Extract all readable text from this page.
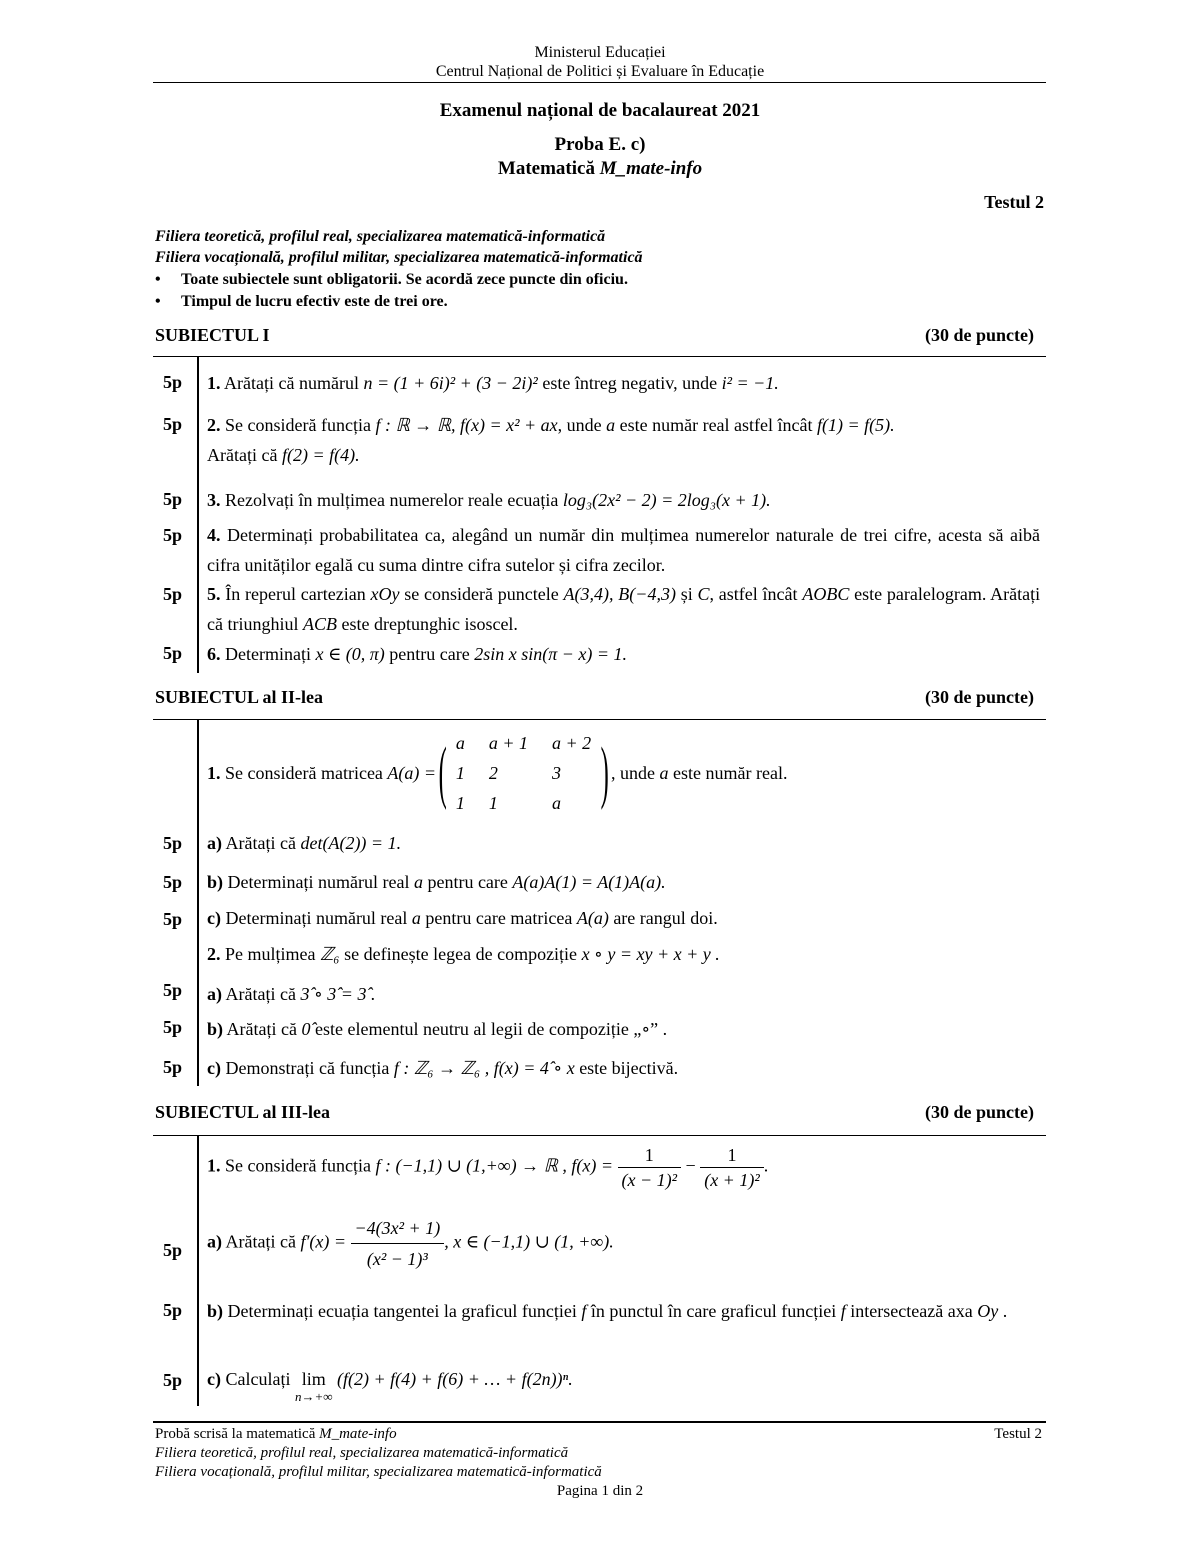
Ministerul Educației
Centrul Național de Politici și Evaluare în Educație
Examenul național de bacalaureat 2021
Proba E. c)
Matematică M_mate-info
Testul 2
Filiera teoretică, profilul real, specializarea matematică-informatică
Filiera vocațională, profilul militar, specializarea matematică-informatică
• Toate subiectele sunt obligatorii. Se acordă zece puncte din oficiu.
• Timpul de lucru efectiv este de trei ore.
SUBIECTUL I	(30 de puncte)
5p 1. Arătați că numărul n = (1 + 6i)² + (3 − 2i)² este întreg negativ, unde i² = −1.
5p 2. Se consideră funcția f : ℝ → ℝ, f(x) = x² + ax, unde a este număr real astfel încât f(1) = f(5).
Arătați că f(2) = f(4).
5p 3. Rezolvați în mulțimea numerelor reale ecuația log₃(2x² − 2) = 2log₃(x + 1).
5p 4. Determinați probabilitatea ca, alegând un număr din mulțimea numerelor naturale de trei cifre, acesta să aibă cifra unităților egală cu suma dintre cifra sutelor și cifra zecilor.
5p 5. În reperul cartezian xOy se consideră punctele A(3,4), B(−4,3) și C, astfel încât AOBC este paralelogram. Arătați că triunghiul ACB este dreptunghic isoscel.
5p 6. Determinați x ∈ (0, π) pentru care 2sin x sin(π − x) = 1.
SUBIECTUL al II-lea	(30 de puncte)
1. Se consideră matricea A(a) = ( a	a + 1	a + 2
1	2	3
1	1	a ) , unde a este număr real.
5p a) Arătați că det(A(2)) = 1.
5p b) Determinați numărul real a pentru care A(a)A(1) = A(1)A(a).
5p c) Determinați numărul real a pentru care matricea A(a) are rangul doi.
2. Pe mulțimea ℤ₆ se definește legea de compoziție x ∘ y = xy + x + y .
5p a) Arătați că 3̂ ∘ 3̂ = 3̂ .
5p b) Arătați că 0̂ este elementul neutru al legii de compoziție „∘” .
5p c) Demonstrați că funcția f : ℤ₆ → ℤ₆ , f(x) = 4̂ ∘ x este bijectivă.
SUBIECTUL al III-lea	(30 de puncte)
1. Se consideră funcția f : (−1,1) ∪ (1,+∞) → ℝ , $f(x) = \frac{1}{\text{(x − 1)²}} - \frac{1}{\text{(x + 1)²}}$ .
5p a) Arătați că $f'(x) = \frac{\text{−4(3x² + 1)}}{\text{(x² − 1)³}}$ , x ∈ (−1,1) ∪ (1, +∞).
5p b) Determinați ecuația tangentei la graficul funcției f în punctul în care graficul funcției f intersectează axa Oy .
5p c) Calculați lim
n→+∞
(f(2) + f(4) + f(6) + … + f(2n))ⁿ.
Probă scrisă la matematică M_mate-info	Testul 2
Filiera teoretică, profilul real, specializarea matematică-informatică
Filiera vocațională, profilul militar, specializarea matematică-informatică
Pagina 1 din 2
